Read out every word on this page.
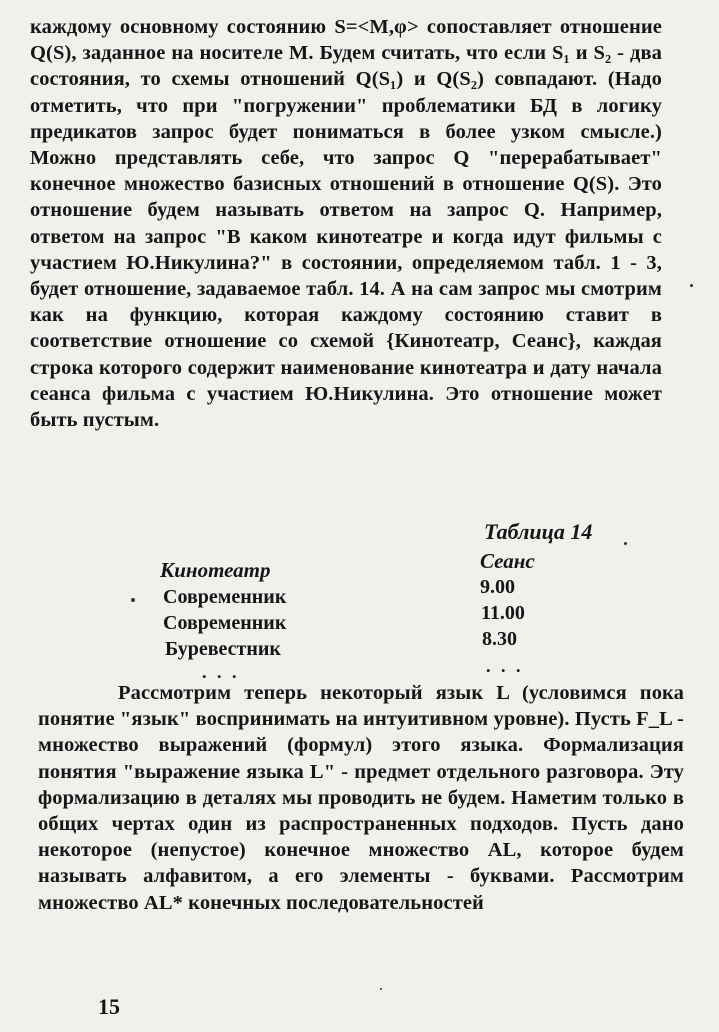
каждому основному состоянию S=<M,φ> сопоставляет отношение Q(S), заданное на носителе M. Будем считать, что если S₁ и S₂ - два состояния, то схемы отношений Q(S₁) и Q(S₂) совпадают. (Надо отметить, что при "погружении" проблематики БД в логику предикатов запрос будет пониматься в более узком смысле.) Можно представлять себе, что запрос Q "перерабатывает" конечное множество базисных отношений в отношение Q(S). Это отношение будем называть ответом на запрос Q. Например, ответом на запрос "В каком кинотеатре и когда идут фильмы с участием Ю.Никулина?" в состоянии, определяемом табл. 1 - 3, будет отношение, задаваемое табл. 14. А на сам запрос мы смотрим как на функцию, которая каждому состоянию ставит в соответствие отношение со схемой {Кинотеатр, Сеанс}, каждая строка которого содержит наименование кинотеатра и дату начала сеанса фильма с участием Ю.Никулина. Это отношение может быть пустым.

Таблица 14
Кинотеатр	Сеанс
Современник
Современник
Буревестник
9.00
11.00
8.30
. . .	. . .

Рассмотрим теперь некоторый язык L (условимся пока понятие "язык" воспринимать на интуитивном уровне). Пусть F_L - множество выражений (формул) этого языка. Формализация понятия "выражение языка L" - предмет отдельного разговора. Эту формализацию в деталях мы проводить не будем. Наметим только в общих чертах один из распространенных подходов. Пусть дано некоторое (непустое) конечное множество AL, которое будем называть алфавитом, а его элементы - буквами. Рассмотрим множество AL* конечных последовательностей

15
